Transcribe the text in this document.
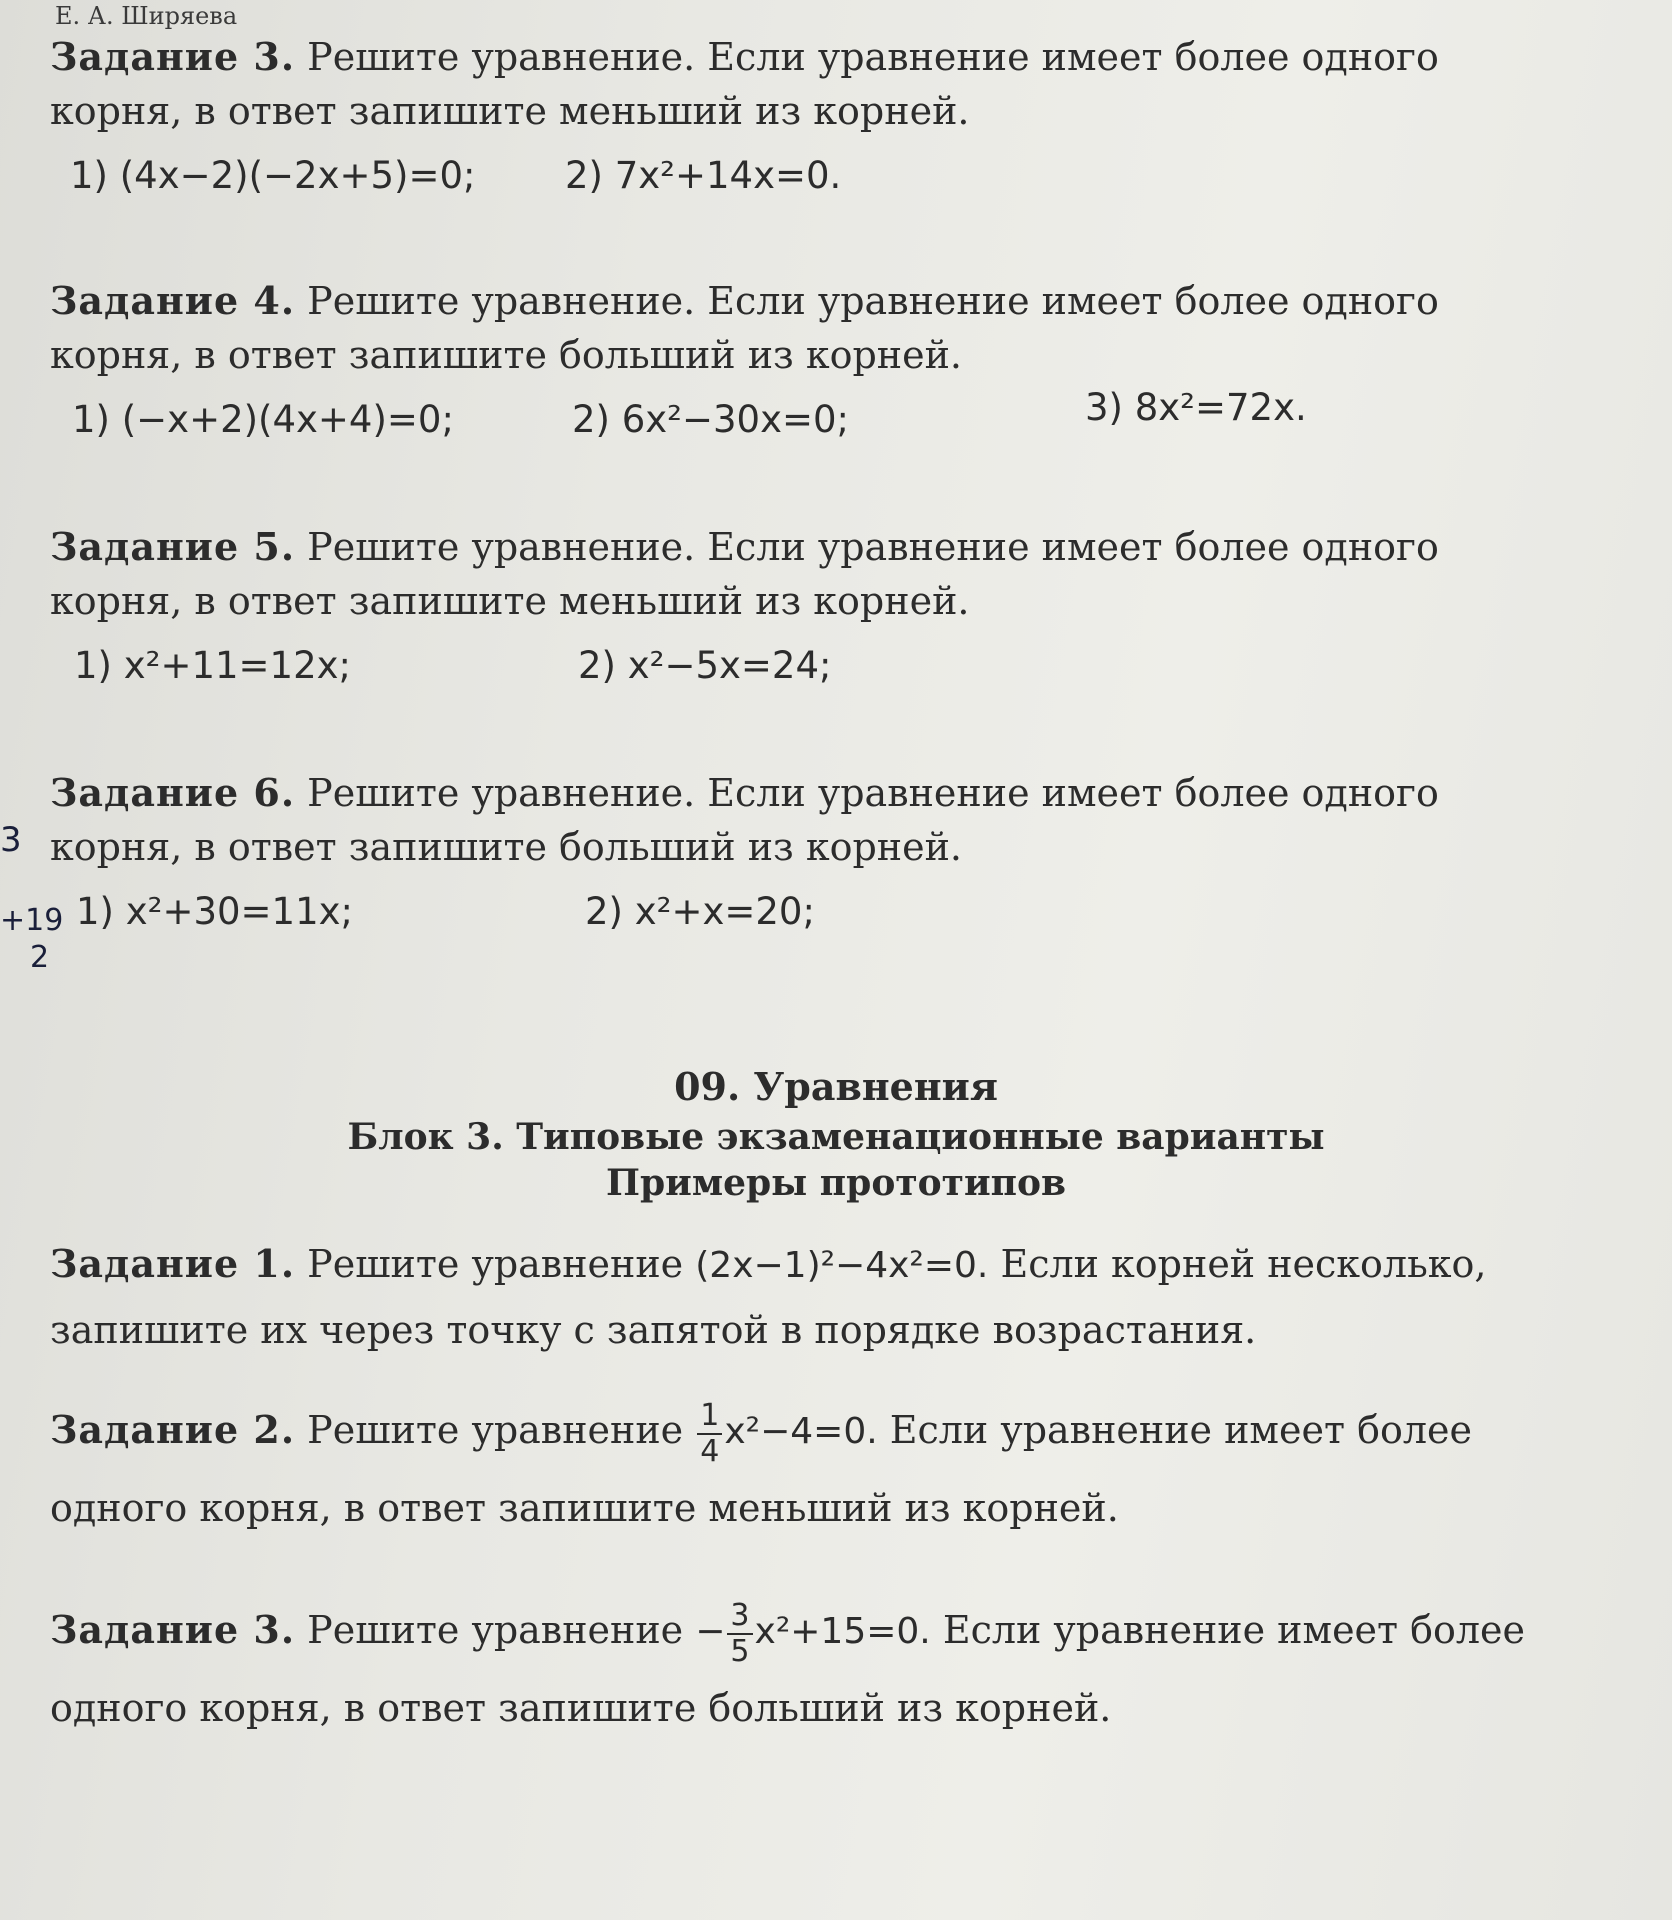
Е. А. Ширяева

Задание 3. Решите уравнение. Если уравнение имеет более одного корня, в ответ запишите меньший из корней.

1) (4x−2)(−2x+5)=0; 2) 7x²+14x=0.

Задание 4. Решите уравнение. Если уравнение имеет более одного корня, в ответ запишите больший из корней.

1) (−x+2)(4x+4)=0;	2) 6x²−30x=0;	3) 8x²=72x.

Задание 5. Решите уравнение. Если уравнение имеет более одного корня, в ответ запишите меньший из корней.

1) x²+11=12x;	2) x²−5x=24;

Задание 6. Решите уравнение. Если уравнение имеет более одного корня, в ответ запишите больший из корней.

1) x²+30=11x;	2) x²+x=20;
3
+19
2
09. Уравнения
Блок 3. Типовые экзаменационные варианты
Примеры прототипов

Задание 1. Решите уравнение (2x−1)²−4x²=0. Если корней несколько, запишите их через точку с запятой в порядке возрастания.

Задание 2. Решите уравнение $\frac{1}{4} x^2-4=0$. Если уравнение имеет более одного корня, в ответ запишите меньший из корней.

Задание 3. Решите уравнение − $\frac{3}{5} x^2+15=0$. Если уравнение имеет более одного корня, в ответ запишите больший из корней.
